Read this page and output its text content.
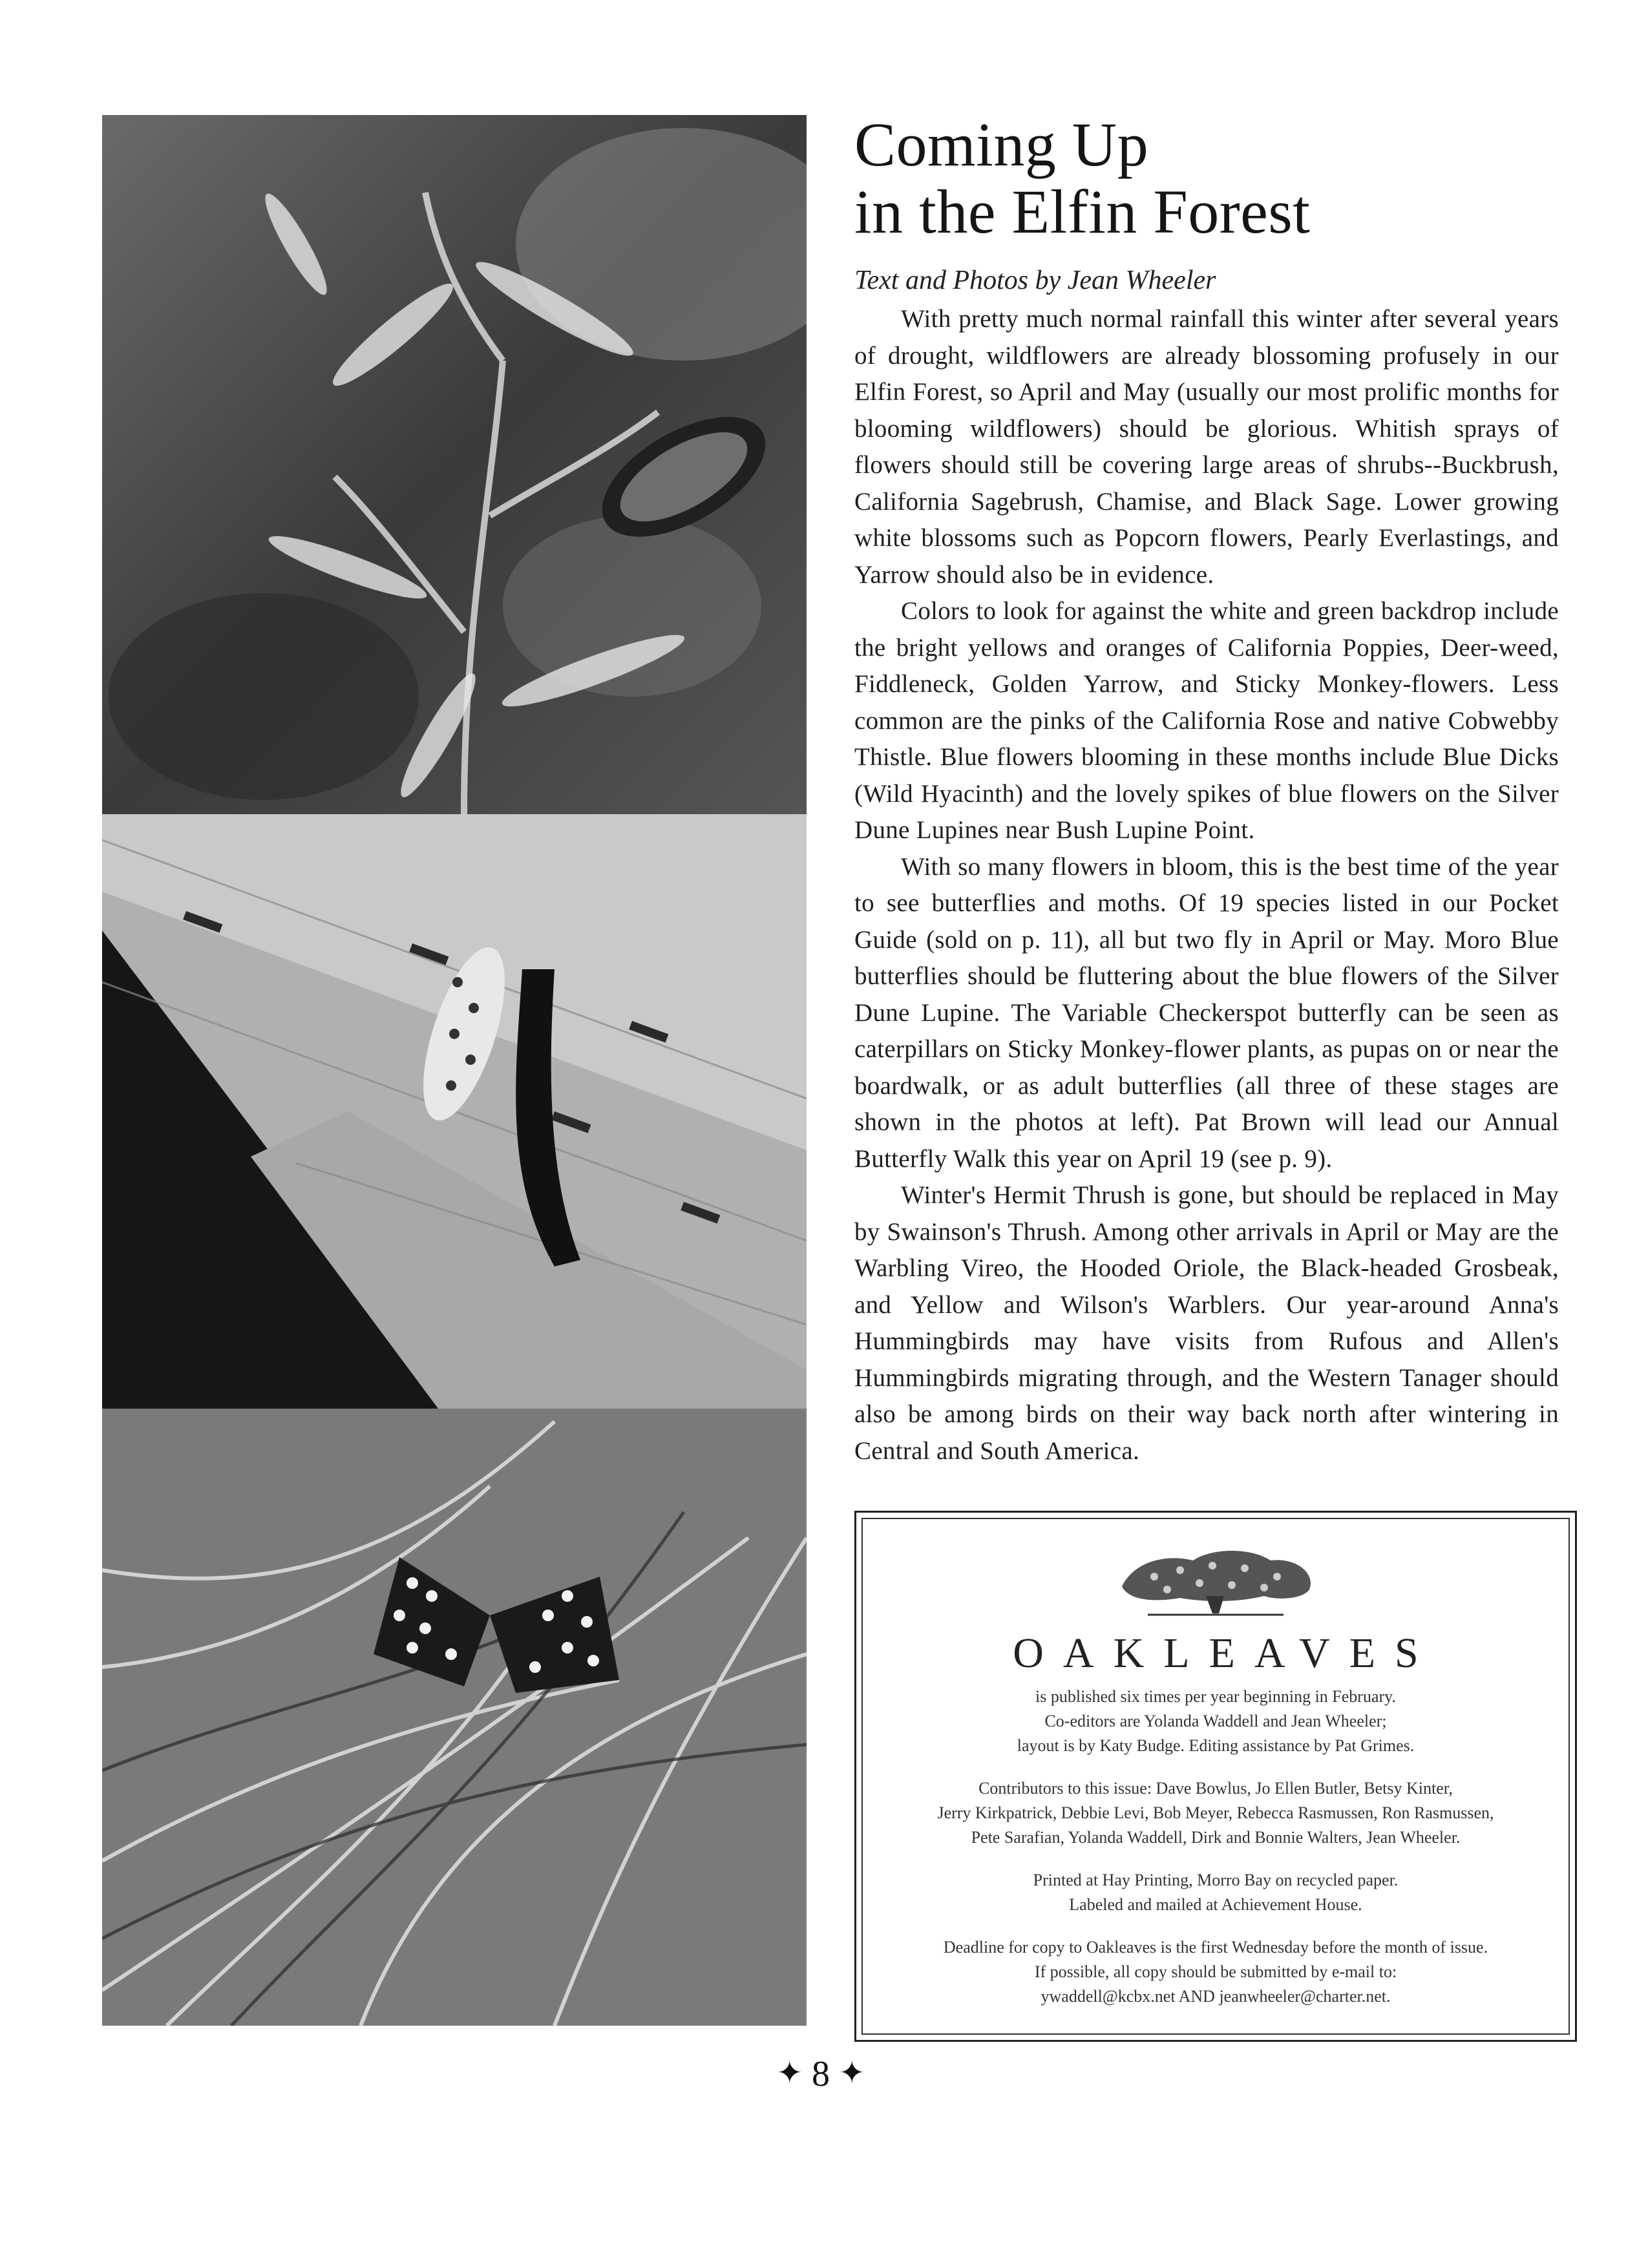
Coming Up
in the Elfin Forest
Text and Photos by Jean Wheeler

With pretty much normal rainfall this winter after several years of drought, wildflowers are already blossoming profusely in our Elfin Forest, so April and May (usually our most prolific months for blooming wildflowers) should be glorious. Whitish sprays of flowers should still be covering large areas of shrubs--Buckbrush, California Sagebrush, Chamise, and Black Sage. Lower growing white blossoms such as Popcorn flowers, Pearly Everlastings, and Yarrow should also be in evidence.

Colors to look for against the white and green backdrop include the bright yellows and oranges of California Poppies, Deer-weed, Fiddleneck, Golden Yarrow, and Sticky Monkey-flowers. Less common are the pinks of the California Rose and native Cobwebby Thistle. Blue flowers blooming in these months include Blue Dicks (Wild Hyacinth) and the lovely spikes of blue flowers on the Silver Dune Lupines near Bush Lupine Point.

With so many flowers in bloom, this is the best time of the year to see butterflies and moths. Of 19 species listed in our Pocket Guide (sold on p. 11), all but two fly in April or May. Moro Blue butterflies should be fluttering about the blue flowers of the Silver Dune Lupine. The Variable Checkerspot butterfly can be seen as caterpillars on Sticky Monkey-flower plants, as pupas on or near the boardwalk, or as adult butterflies (all three of these stages are shown in the photos at left). Pat Brown will lead our Annual Butterfly Walk this year on April 19 (see p. 9).

Winter's Hermit Thrush is gone, but should be replaced in May by Swainson's Thrush. Among other arrivals in April or May are the Warbling Vireo, the Hooded Oriole, the Black-headed Grosbeak, and Yellow and Wilson's Warblers. Our year-around Anna's Hummingbirds may have visits from Rufous and Allen's Hummingbirds migrating through, and the Western Tanager should also be among birds on their way back north after wintering in Central and South America.

OAKLEAVES
is published six times per year beginning in February.
Co-editors are Yolanda Waddell and Jean Wheeler;
layout is by Katy Budge. Editing assistance by Pat Grimes.
Contributors to this issue: Dave Bowlus, Jo Ellen Butler, Betsy Kinter,
Jerry Kirkpatrick, Debbie Levi, Bob Meyer, Rebecca Rasmussen, Ron Rasmussen,
Pete Sarafian, Yolanda Waddell, Dirk and Bonnie Walters, Jean Wheeler.
Printed at Hay Printing, Morro Bay on recycled paper.
Labeled and mailed at Achievement House.
Deadline for copy to Oakleaves is the first Wednesday before the month of issue.
If possible, all copy should be submitted by e-mail to:
ywaddell@kcbx.net AND jeanwheeler@charter.net.
✦ 8 ✦
